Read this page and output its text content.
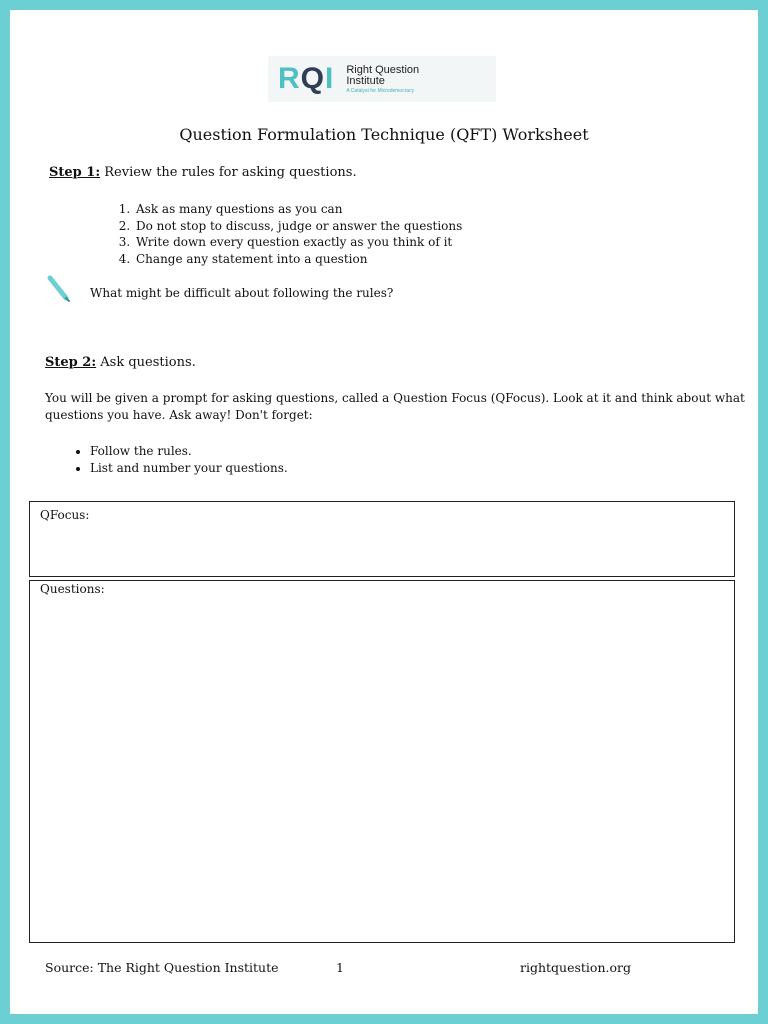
RQI Right Question Institute
A Catalyst for Microdemocracy
Question Formulation Technique (QFT) Worksheet
Step 1: Review the rules for asking questions.
1. Ask as many questions as you can
2. Do not stop to discuss, judge or answer the questions
3. Write down every question exactly as you think of it
4. Change any statement into a question
What might be difficult about following the rules?
Step 2: Ask questions.
You will be given a prompt for asking questions, called a Question Focus (QFocus). Look at it and think about what
questions you have. Ask away! Don't forget:
• Follow the rules.
• List and number your questions.
QFocus:
Questions:
Source: The Right Question Institute	1	rightquestion.org
